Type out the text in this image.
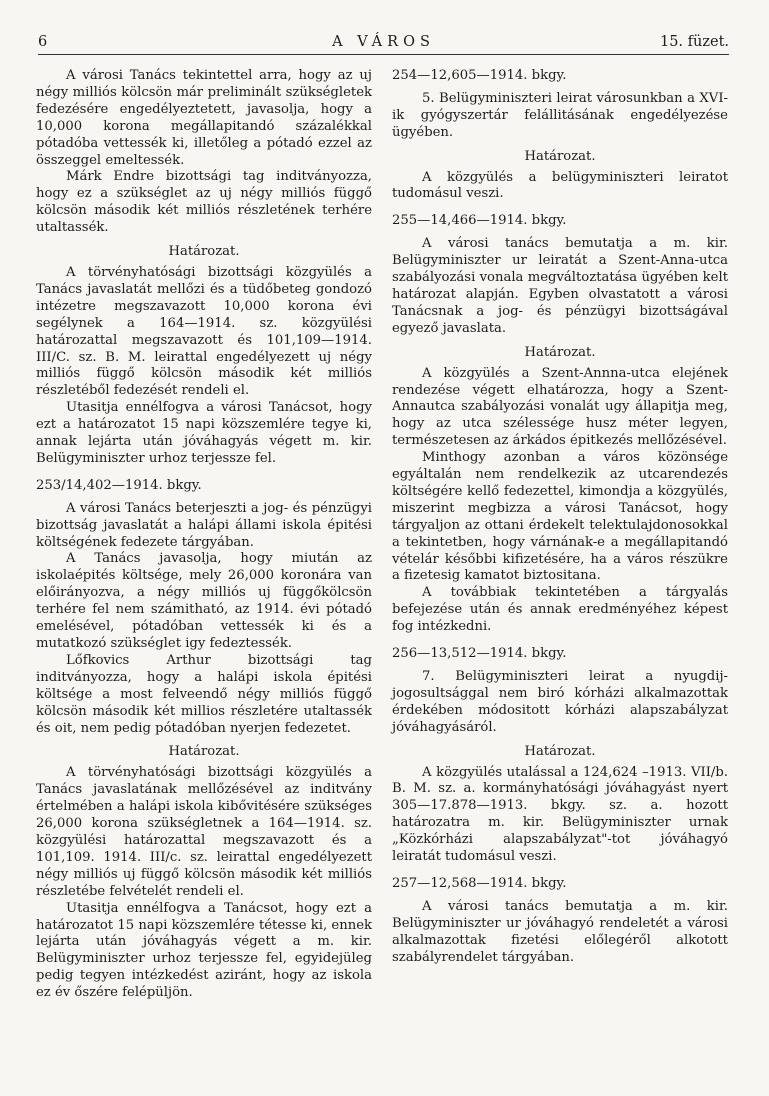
6	A VÁROS	15. füzet.

A városi Tanács tekintettel arra, hogy az uj négy milliós kölcsön már preliminált szükségletek fedezésére engedélyeztetett, javasolja, hogy a 10,000 korona megállapitandó százalékkal pótadóba vettessék ki, illetőleg a pótadó ezzel az összeggel emeltessék.

Márk Endre bizottsági tag inditványozza, hogy ez a szükséglet az uj négy milliós függő kölcsön második két milliós részletének terhére utaltassék.

Határozat.

A törvényhatósági bizottsági közgyülés a Tanács javaslatát mellőzi és a tüdőbeteg gondozó intézetre megszavazott 10,000 korona évi segélynek a 164—1914. sz. közgyülési határozattal megszavazott és 101,109—1914. III/C. sz. B. M. leirattal engedélyezett uj négy milliós függő kölcsön második két milliós részletéből fedezését rendeli el.

Utasitja ennélfogva a városi Tanácsot, hogy ezt a határozatot 15 napi közszemlére tegye ki, annak lejárta után jóváhagyás végett m. kir. Belügyminiszter urhoz terjessze fel.

253/14,402—1914. bkgy.

A városi Tanács beterjeszti a jog- és pénzügyi bizottság javaslatát a halápi állami iskola épitési költségének fedezete tárgyában.

A Tanács javasolja, hogy miután az iskolaépités költsége, mely 26,000 koronára van előirányozva, a négy milliós uj függőkölcsön terhére fel nem számitható, az 1914. évi pótadó emelésével, pótadóban vettessék ki és a mutatkozó szükséglet igy fedeztessék.

Lőfkovics Arthur bizottsági tag inditványozza, hogy a halápi iskola épitési költsége a most felveendő négy milliós függő kölcsön második két millios részletére utaltassék és oit, nem pedig pótadóban nyerjen fedezetet.

Határozat.

A törvényhatósági bizottsági közgyülés a Tanács javaslatának mellőzésével az inditvány értelmében a halápi iskola kibővitésére szükséges 26,000 korona szükségletnek a 164—1914. sz. közgyülési határozattal megszavazott és a 101,109. 1914. III/c. sz. leirattal engedélyezett négy milliós uj függő kölcsön második két milliós részletébe felvételét rendeli el.

Utasitja ennélfogva a Tanácsot, hogy ezt a határozatot 15 napi közszemlére tétesse ki, ennek lejárta után jóváhagyás végett a m. kir. Belügyminiszter urhoz terjesszе fel, egyidejüleg pedig tegyen intézkedést aziránt, hogy az iskola ez év őszére felépüljön.

254—12,605—1914. bkgy.

5. Belügyminiszteri leirat városunkban a XVI-ik gyógyszertár felállitásának engedélyezése ügyében.

Határozat.

A közgyülés a belügyminiszteri leiratot tudomásul veszi.

255—14,466—1914. bkgy.

A városi tanács bemutatja a m. kir. Belügyminiszter ur leiratát a Szent-Anna-utca szabályozási vonala megváltoztatása ügyében kelt határozat alapján. Egyben olvastatott a városi Tanácsnak a jog- és pénzügyi bizottságával egyező javaslata.

Határozat.

A közgyülés a Szent-Annna-utca elejének rendezése végett elhatározza, hogy a Szent-Annautca szabályozási vonalát ugy állapitja meg, hogy az utca szélessége husz méter legyen, természetesen az árkádos épitkezés mellőzésével.

Minthogy azonban a város közönsége egyáltalán nem rendelkezik az utcarendezés költségére kellő fedezettel, kimondja a közgyülés, miszerint megbizza a városi Tanácsot, hogy tárgyaljon az ottani érdekelt telektulajdonosokkal a tekintetben, hogy várnának-e a megállapitandó vételár későbbi kifizetésére, ha a város részükre a fizetesig kamatot biztositana.

A továbbiak tekintetében a tárgyalás befejezése után és annak eredményéhez képest fog intézkedni.

256—13,512—1914. bkgy.

7. Belügyminiszteri leirat a nyugdij-jogosultsággal nem biró kórházi alkalmazottak érdekében módositott kórházi alapszabályzat jóváhagyásáról.

Határozat.

A közgyülés utalással a 124,624 –1913. VII/b. B. M. sz. a. kormányhatósági jóváhagyást nyert 305—17.878—1913. bkgy. sz. a. hozott határozatra m. kir. Belügyminiszter urnak „Közkórházi alapszabályzat"-tot jóváhagyó leiratát tudomásul veszi.

257—12,568—1914. bkgy.

A városi tanács bemutatja a m. kir. Belügyminiszter ur jóváhagyó rendeletét a városi alkalmazottak fizetési előlegéről alkotott szabályrendelet tárgyában.
